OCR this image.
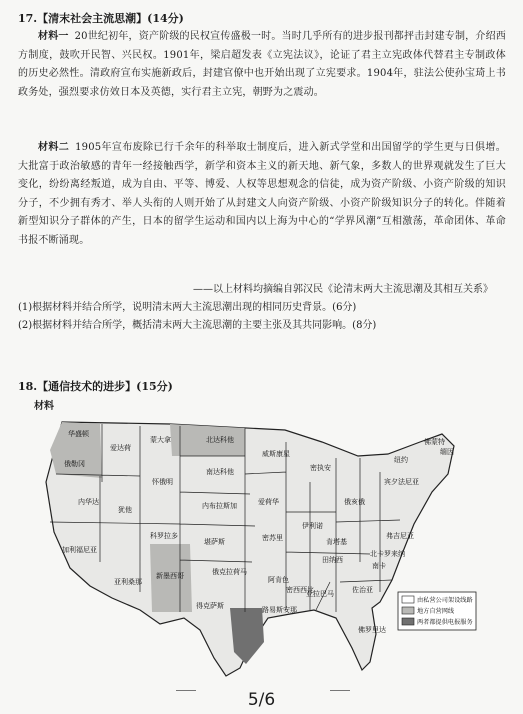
17.【清末社会主流思潮】(14分)
材料一 20世纪初年，资产阶级的民权宣传盛极一时。当时几乎所有的进步报刊都抨击封建专制，介绍西方制度，鼓吹开民智、兴民权。1901年，梁启超发表《立宪法议》，论证了君主立宪政体代替君主专制政体的历史必然性。清政府宣布实施新政后，封建官僚中也开始出现了立宪要求。1904年，驻法公使孙宝琦上书政务处，强烈要求仿效日本及英德，实行君主立宪，朝野为之震动。
材料二 1905年宣布废除已行千余年的科举取士制度后，进入新式学堂和出国留学的学生更与日俱增。大批富于政治敏感的青年一经接触西学，新学和资本主义的新天地、新气象，多数人的世界观就发生了巨大变化，纷纷离经叛道，成为自由、平等、博爱、人权等思想观念的信徒，成为资产阶级、小资产阶级的知识分子，不少拥有秀才、举人头衔的人则开始了从封建文人向资产阶级、小资产阶级知识分子的转化。伴随着新型知识分子群体的产生，日本的留学生运动和国内以上海为中心的“学界风潮”互相激荡，革命团体、革命书报不断涌现。
——以上材料均摘编自郭汉民《论清末两大主流思潮及其相互关系》
(1)根据材料并结合所学，说明清末两大主流思潮出现的相同历史背景。(6分)
(2)根据材料并结合所学，概括清末两大主流思潮的主要主张及其共同影响。(8分)
18.【通信技术的进步】(15分)
材料
由私营公司架设线路
地方自营网线
两者都提供电报服务
华盛顿
俄勒冈
爱达荷
蒙大拿	北达科他
内华达
犹他
怀俄明
南达科他
威斯康星
加利福尼亚
科罗拉多
内布拉斯加	爱荷华
密执安
亚利桑那
新墨西哥
堪萨斯	密苏里
伊利诺
俄亥俄
宾夕法尼亚
纽约
佛蒙特
缅因
俄克拉荷马
阿肯色
田纳西
肯塔基
弗吉尼亚
北卡罗来纳
南卡
佐治亚
亚拉巴马
密西西比
路易斯安那
得克萨斯
佛罗里达
5/6
